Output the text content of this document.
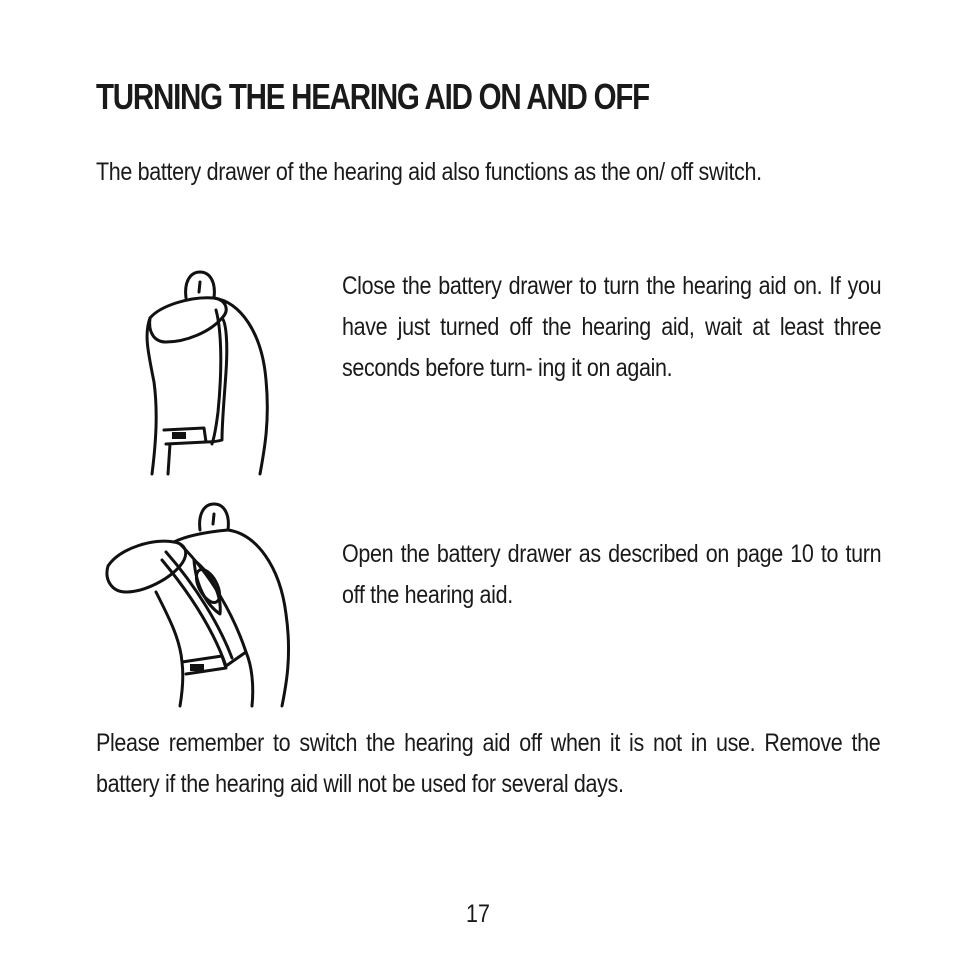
TURNING THE HEARING AID ON AND OFF

The battery drawer of the hearing aid also functions as the on/ off switch.

Close the battery drawer to turn the hearing aid on. If you have just turned off the hearing aid, wait at least three seconds before turn- ing it on again.

Open the battery drawer as described on page 10 to turn off the hearing aid.

Please remember to switch the hearing aid off when it is not in use. Remove the battery if the hearing aid will not be used for several days.

17
